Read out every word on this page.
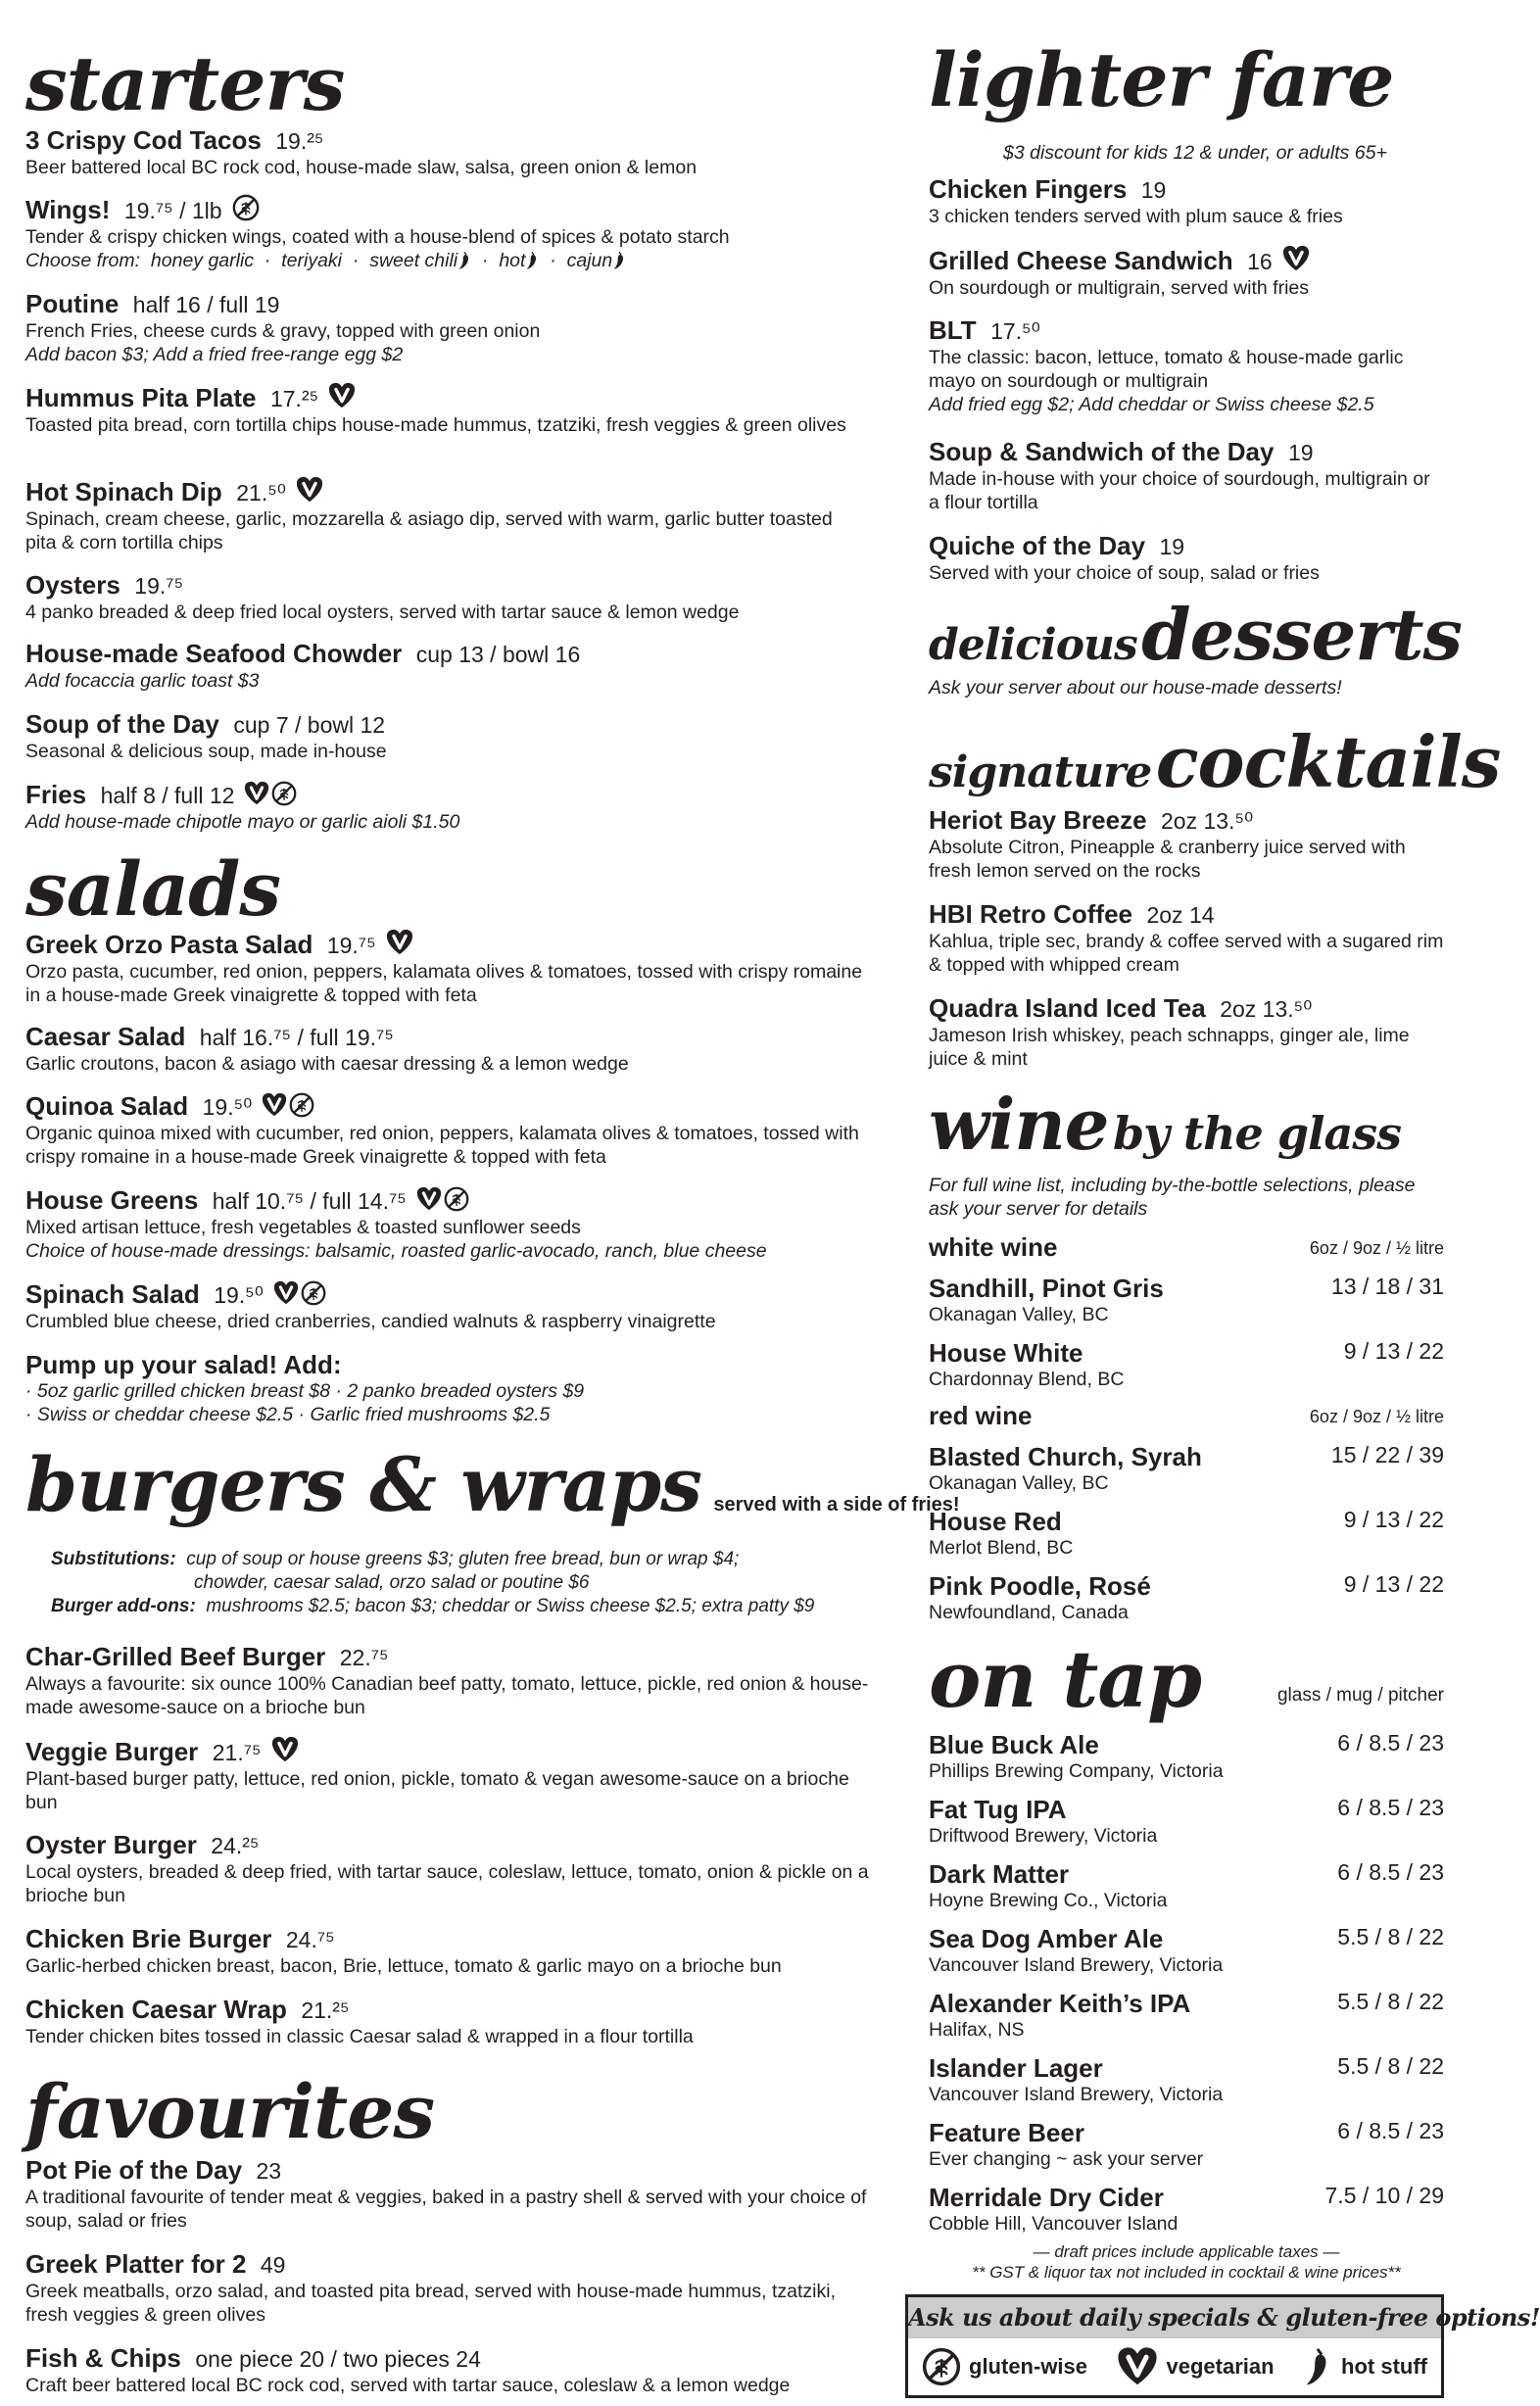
starters
3 Crispy Cod Tacos 19.²⁵
Beer battered local BC rock cod, house-made slaw, salsa, green onion & lemon
Wings! 19.⁷⁵ / 1lb
Tender & crispy chicken wings, coated with a house-blend of spices & potato starch
Choose from: honey garlic  ·  teriyaki  ·  sweet chili  ·  hot  ·  cajun
Poutine half 16 / full 19
French Fries, cheese curds & gravy, topped with green onion
Add bacon $3; Add a fried free-range egg $2
Hummus Pita Plate 17.²⁵
Toasted pita bread, corn tortilla chips house-made hummus, tzatziki, fresh veggies & green olives
Hot Spinach Dip 21.⁵⁰
Spinach, cream cheese, garlic, mozzarella & asiago dip, served with warm, garlic butter toasted pita & corn tortilla chips
Oysters 19.⁷⁵
4 panko breaded & deep fried local oysters, served with tartar sauce & lemon wedge
House-made Seafood Chowder cup 13 / bowl 16
Add focaccia garlic toast $3
Soup of the Day cup 7 / bowl 12
Seasonal & delicious soup, made in-house
Fries half 8 / full 12
Add house-made chipotle mayo or garlic aioli $1.50
salads
Greek Orzo Pasta Salad 19.⁷⁵
Orzo pasta, cucumber, red onion, peppers, kalamata olives & tomatoes, tossed with crispy romaine in a house-made Greek vinaigrette & topped with feta
Caesar Salad half 16.⁷⁵ / full 19.⁷⁵
Garlic croutons, bacon & asiago with caesar dressing & a lemon wedge
Quinoa Salad 19.⁵⁰
Organic quinoa mixed with cucumber, red onion, peppers, kalamata olives & tomatoes, tossed with crispy romaine in a house-made Greek vinaigrette & topped with feta
House Greens half 10.⁷⁵ / full 14.⁷⁵
Mixed artisan lettuce, fresh vegetables & toasted sunflower seeds
Choice of house-made dressings: balsamic, roasted garlic-avocado, ranch, blue cheese
Spinach Salad 19.⁵⁰
Crumbled blue cheese, dried cranberries, candied walnuts & raspberry vinaigrette
Pump up your salad! Add:
· 5oz garlic grilled chicken breast $8 · 2 panko breaded oysters $9
· Swiss or cheddar cheese $2.5 · Garlic fried mushrooms $2.5
burgers & wraps served with a side of fries!
Substitutions: cup of soup or house greens $3; gluten free bread, bun or wrap $4;
chowder, caesar salad, orzo salad or poutine $6
Burger add-ons: mushrooms $2.5; bacon $3; cheddar or Swiss cheese $2.5; extra patty $9
Char-Grilled Beef Burger 22.⁷⁵
Always a favourite: six ounce 100% Canadian beef patty, tomato, lettuce, pickle, red onion & house-made awesome-sauce on a brioche bun
Veggie Burger 21.⁷⁵
Plant-based burger patty, lettuce, red onion, pickle, tomato & vegan awesome-sauce on a brioche bun
Oyster Burger 24.²⁵
Local oysters, breaded & deep fried, with tartar sauce, coleslaw, lettuce, tomato, onion & pickle on a brioche bun
Chicken Brie Burger 24.⁷⁵
Garlic-herbed chicken breast, bacon, Brie, lettuce, tomato & garlic mayo on a brioche bun
Chicken Caesar Wrap 21.²⁵
Tender chicken bites tossed in classic Caesar salad & wrapped in a flour tortilla
favourites
Pot Pie of the Day 23
A traditional favourite of tender meat & veggies, baked in a pastry shell & served with your choice of soup, salad or fries
Greek Platter for 2 49
Greek meatballs, orzo salad, and toasted pita bread, served with house-made hummus, tzatziki, fresh veggies & green olives
Fish & Chips one piece 20 / two pieces 24
Craft beer battered local BC rock cod, served with tartar sauce, coleslaw & a lemon wedge
lighter fare
$3 discount for kids 12 & under, or adults 65+
Chicken Fingers 19
3 chicken tenders served with plum sauce & fries
Grilled Cheese Sandwich 16
On sourdough or multigrain, served with fries
BLT 17.⁵⁰
The classic: bacon, lettuce, tomato & house-made garlic mayo on sourdough or multigrain
Add fried egg $2; Add cheddar or Swiss cheese $2.5
Soup & Sandwich of the Day 19
Made in-house with your choice of sourdough, multigrain or a flour tortilla
Quiche of the Day 19
Served with your choice of soup, salad or fries
delicious desserts
Ask your server about our house-made desserts!
signature cocktails
Heriot Bay Breeze 2oz 13.⁵⁰
Absolute Citron, Pineapple & cranberry juice served with fresh lemon served on the rocks
HBI Retro Coffee 2oz 14
Kahlua, triple sec, brandy & coffee served with a sugared rim & topped with whipped cream
Quadra Island Iced Tea 2oz 13.⁵⁰
Jameson Irish whiskey, peach schnapps, ginger ale, lime juice & mint
wine by the glass
For full wine list, including by-the-bottle selections, please ask your server for details
white wine	6oz / 9oz / ½ litre
Sandhill, Pinot Gris
Okanagan Valley, BC
13 / 18 / 31
House White
Chardonnay Blend, BC
9 / 13 / 22
red wine	6oz / 9oz / ½ litre
Blasted Church, Syrah
Okanagan Valley, BC
15 / 22 / 39
House Red
Merlot Blend, BC
9 / 13 / 22
Pink Poodle, Rosé
Newfoundland, Canada
9 / 13 / 22
on tap	glass / mug / pitcher
Blue Buck Ale
Phillips Brewing Company, Victoria
6 / 8.5 / 23
Fat Tug IPA
Driftwood Brewery, Victoria
6 / 8.5 / 23
Dark Matter
Hoyne Brewing Co., Victoria
6 / 8.5 / 23
Sea Dog Amber Ale
Vancouver Island Brewery, Victoria
5.5 / 8 / 22
Alexander Keith’s IPA
Halifax, NS
5.5 / 8 / 22
Islander Lager
Vancouver Island Brewery, Victoria
5.5 / 8 / 22
Feature Beer
Ever changing ~ ask your server
6 / 8.5 / 23
Merridale Dry Cider
Cobble Hill, Vancouver Island
7.5 / 10 / 29
— draft prices include applicable taxes —
** GST & liquor tax not included in cocktail & wine prices**
Ask us about daily specials & gluten-free options!
gluten-wise	vegetarian	hot stuff
